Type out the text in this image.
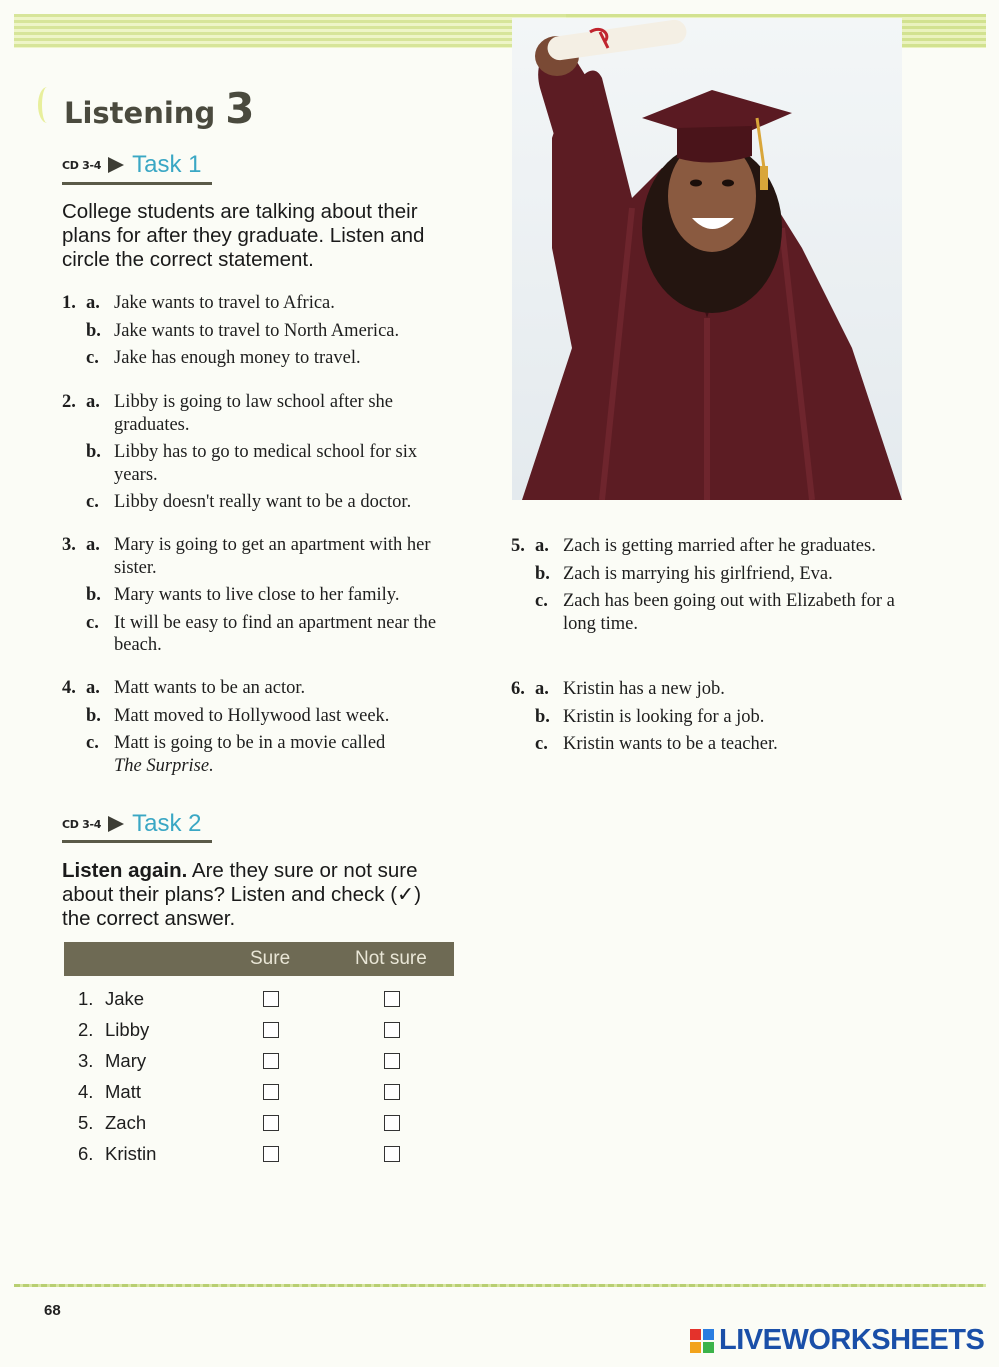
Listening 3
CD 3-4 Task 1
College students are talking about their plans for after they graduate. Listen and circle the correct statement.
1. a. Jake wants to travel to Africa.
b. Jake wants to travel to North America.
c. Jake has enough money to travel.
2. a. Libby is going to law school after she graduates.
b. Libby has to go to medical school for six years.
c. Libby doesn't really want to be a doctor.
3. a. Mary is going to get an apartment with her sister.
b. Mary wants to live close to her family.
c. It will be easy to find an apartment near the beach.
4. a. Matt wants to be an actor.
b. Matt moved to Hollywood last week.
c. Matt is going to be in a movie called
The Surprise.
5. a. Zach is getting married after he graduates.
b. Zach is marrying his girlfriend, Eva.
c. Zach has been going out with Elizabeth for a long time.
6. a. Kristin has a new job.
b. Kristin is looking for a job.
c. Kristin wants to be a teacher.
CD 3-4 Task 2
Listen again. Are they sure or not sure about their plans? Listen and check (✓) the correct answer.
Sure	Not sure
1. Jake
2. Libby
3. Mary
4. Matt
5. Zach
6. Kristin
68
LIVEWORKSHEETS
